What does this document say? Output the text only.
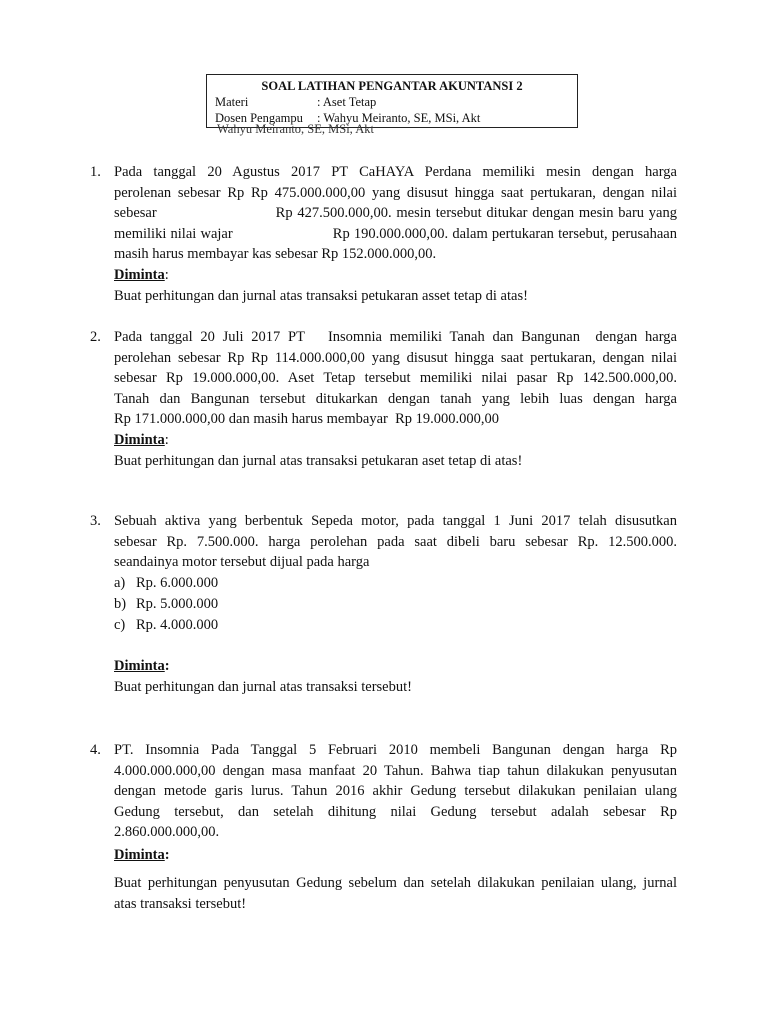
SOAL LATIHAN PENGANTAR AKUNTANSI 2
Materi	: Aset Tetap
Dosen Pengampu : Wahyu Meiranto, SE, MSi, Akt
Wahyu Meiranto, SE, MSi, Akt
1. Pada tanggal 20 Agustus 2017 PT CaHAYA Perdana memiliki mesin dengan harga
perolenan sebesar Rp Rp 475.000.000,00 yang disusut hingga saat pertukaran, dengan nilai
sebesar                         Rp 427.500.000,00. mesin tersebut ditukar dengan mesin baru yang
memiliki nilai wajar                        Rp 190.000.000,00. dalam pertukaran tersebut, perusahaan
masih harus membayar kas sebesar Rp 152.000.000,00.
Diminta:
Buat perhitungan dan jurnal atas transaksi petukaran asset tetap di atas!
2. Pada tanggal 20 Juli 2017 PT   Insomnia memiliki Tanah dan Bangunan  dengan harga
perolehan sebesar Rp Rp 114.000.000,00 yang disusut hingga saat pertukaran, dengan nilai
sebesar Rp 19.000.000,00. Aset Tetap tersebut memiliki nilai pasar Rp 142.500.000,00.
Tanah dan Bangunan tersebut ditukarkan dengan tanah yang lebih luas dengan harga
Rp 171.000.000,00 dan masih harus membayar  Rp 19.000.000,00
Diminta:
Buat perhitungan dan jurnal atas transaksi petukaran aset tetap di atas!
3. Sebuah aktiva yang berbentuk Sepeda motor, pada tanggal 1 Juni 2017 telah disusutkan
sebesar Rp. 7.500.000. harga perolehan pada saat dibeli baru sebesar Rp. 12.500.000.
seandainya motor tersebut dijual pada harga
a) Rp. 6.000.000
b) Rp. 5.000.000
c) Rp. 4.000.000
Diminta:
Buat perhitungan dan jurnal atas transaksi tersebut!
4. PT. Insomnia Pada Tanggal 5 Februari 2010 membeli Bangunan dengan harga Rp
4.000.000.000,00 dengan masa manfaat 20 Tahun. Bahwa tiap tahun dilakukan penyusutan
dengan metode garis lurus. Tahun 2016 akhir Gedung tersebut dilakukan penilaian ulang
Gedung tersebut, dan setelah dihitung nilai Gedung tersebut adalah sebesar Rp
2.860.000.000,00.
Diminta:
Buat perhitungan penyusutan Gedung sebelum dan setelah dilakukan penilaian ulang, jurnal
atas transaksi tersebut!
